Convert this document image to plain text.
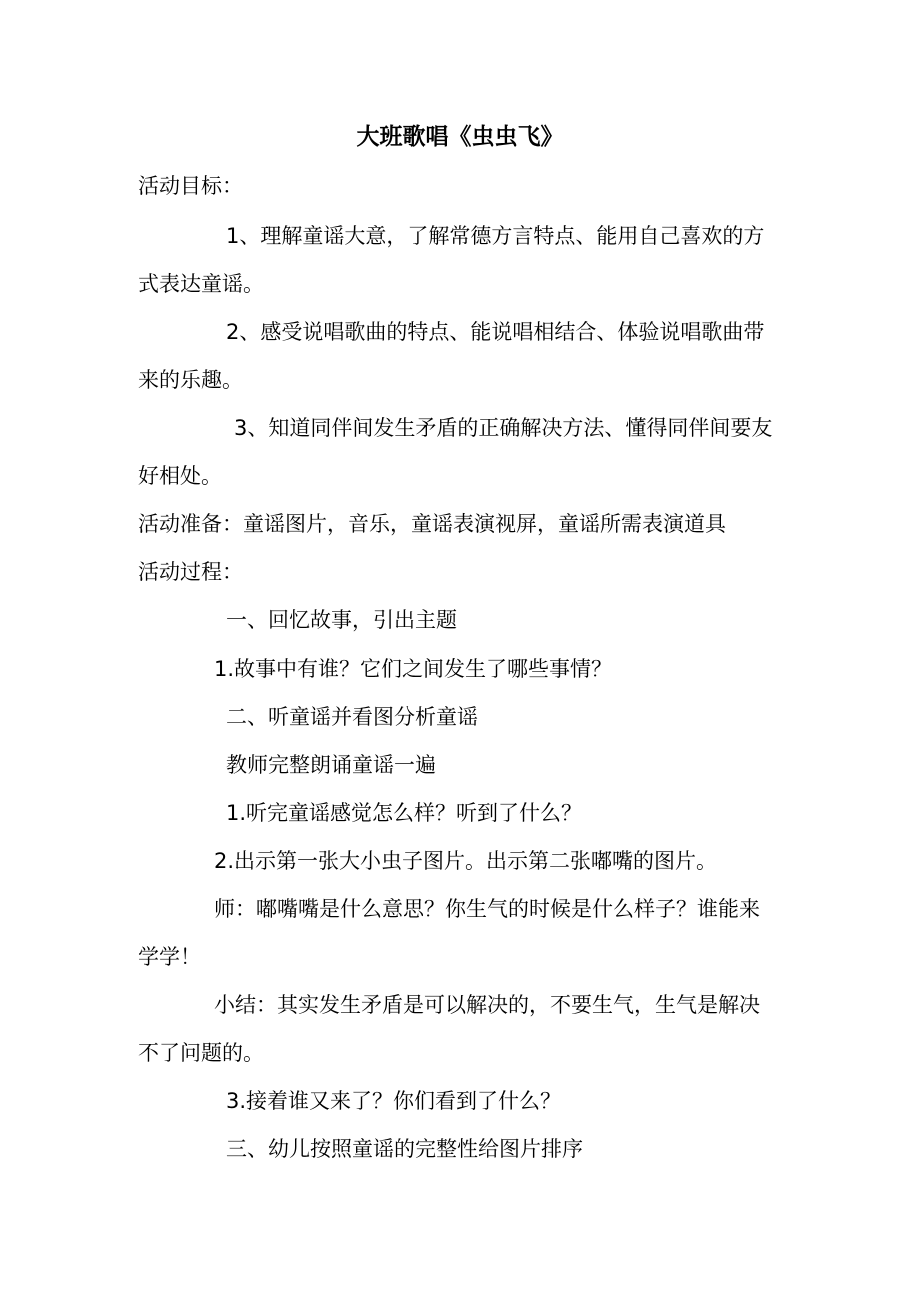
大班歌唱《虫虫飞》
活动目标：
1、理解童谣大意，了解常德方言特点、能用自己喜欢的方
式表达童谣。
2、感受说唱歌曲的特点、能说唱相结合、体验说唱歌曲带
来的乐趣。
3、知道同伴间发生矛盾的正确解决方法、懂得同伴间要友
好相处。
活动准备：童谣图片，音乐，童谣表演视屏，童谣所需表演道具
活动过程：
一、回忆故事，引出主题
1.故事中有谁？它们之间发生了哪些事情？
二、听童谣并看图分析童谣
教师完整朗诵童谣一遍
1.听完童谣感觉怎么样？听到了什么？
2.出示第一张大小虫子图片。出示第二张嘟嘴的图片。
师：嘟嘴嘴是什么意思？你生气的时候是什么样子？谁能来
学学！
小结：其实发生矛盾是可以解决的，不要生气，生气是解决
不了问题的。
3.接着谁又来了？你们看到了什么？
三、幼儿按照童谣的完整性给图片排序
